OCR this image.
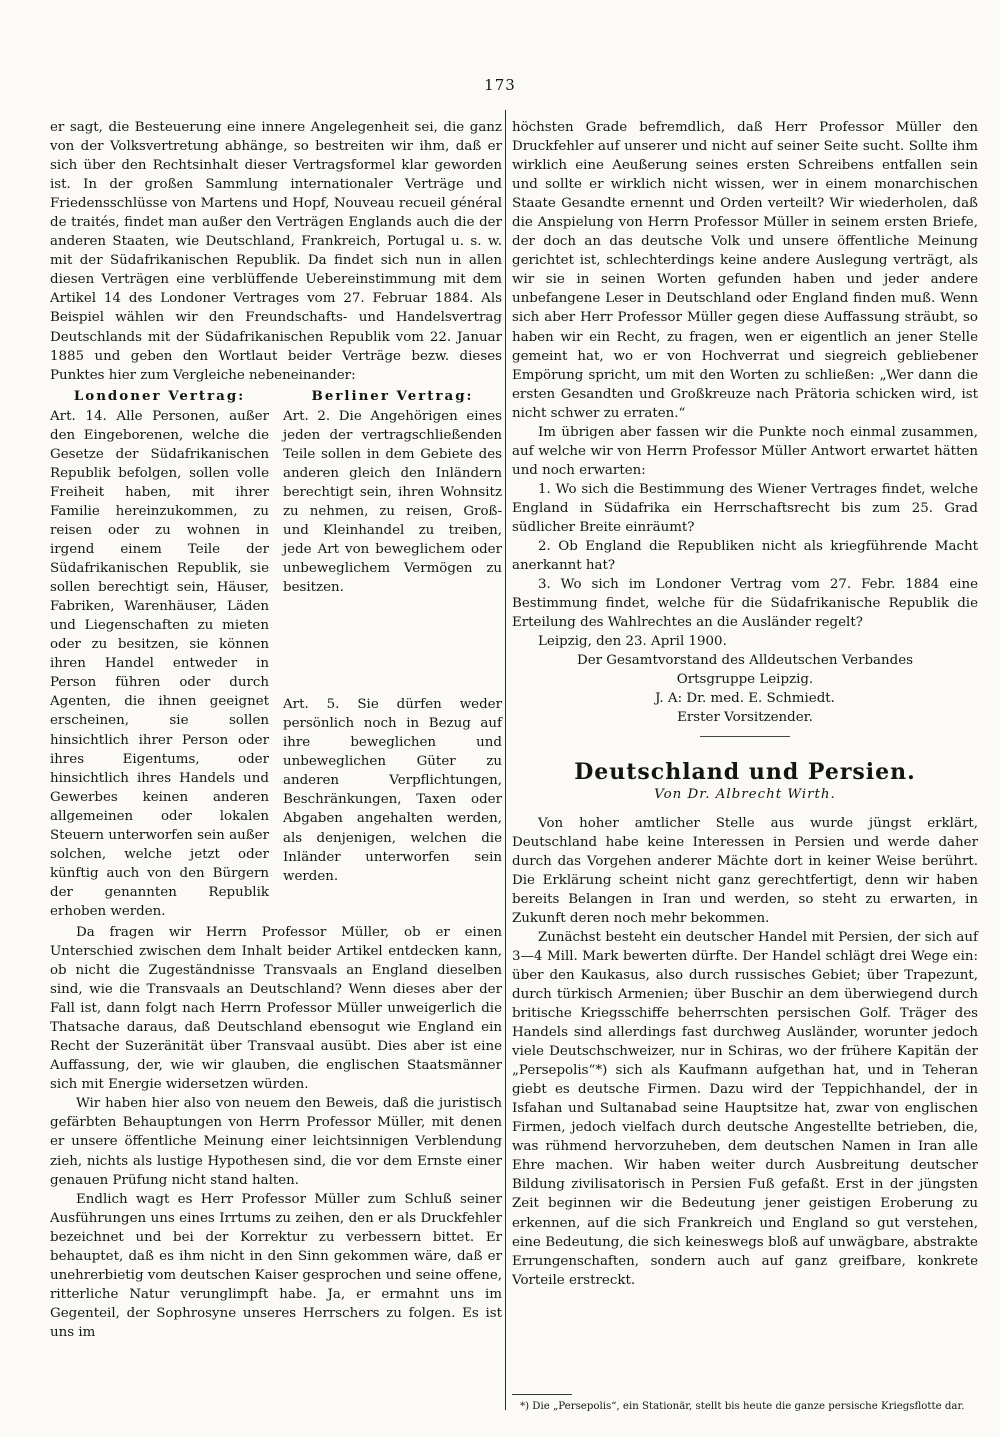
173

er sagt, die Besteuerung eine innere Angelegenheit sei, die ganz von der Volksvertretung abhänge, so bestreiten wir ihm, daß er sich über den Rechtsinhalt dieser Vertragsformel klar geworden ist. In der großen Sammlung internationaler Verträge und Friedensschlüsse von Martens und Hopf, Nouveau recueil général de traités, findet man außer den Verträgen Englands auch die der anderen Staaten, wie Deutschland, Frankreich, Portugal u. s. w. mit der Südafrikanischen Republik. Da findet sich nun in allen diesen Verträgen eine verblüffende Uebereinstimmung mit dem Artikel 14 des Londoner Vertrages vom 27. Februar 1884. Als Beispiel wählen wir den Freundschafts- und Handelsvertrag Deutschlands mit der Südafrikanischen Republik vom 22. Januar 1885 und geben den Wortlaut beider Verträge bezw. dieses Punktes hier zum Vergleiche nebeneinander:

Londoner Vertrag:
Art. 14. Alle Personen, außer den Eingeborenen, welche die Gesetze der Südafrikanischen Republik befolgen, sollen volle Freiheit haben, mit ihrer Familie hereinzukommen, zu reisen oder zu wohnen in irgend einem Teile der Südafrikanischen Republik, sie sollen berechtigt sein, Häuser, Fabriken, Warenhäuser, Läden und Liegenschaften zu mieten oder zu besitzen, sie können ihren Handel entweder in Person führen oder durch Agenten, die ihnen geeignet erscheinen, sie sollen hinsichtlich ihrer Person oder ihres Eigentums, oder hinsichtlich ihres Handels und Gewerbes keinen anderen allgemeinen oder lokalen Steuern unterworfen sein außer solchen, welche jetzt oder künftig auch von den Bürgern der genannten Republik erhoben werden.
Berliner Vertrag:
Art. 2. Die Angehörigen eines jeden der vertragschließenden Teile sollen in dem Gebiete des anderen gleich den Inländern berechtigt sein, ihren Wohnsitz zu nehmen, zu reisen, Groß- und Kleinhandel zu treiben, jede Art von beweglichem oder unbeweglichem Vermögen zu besitzen.
Art. 5. Sie dürfen weder persönlich noch in Bezug auf ihre beweglichen und unbeweglichen Güter zu anderen Verpflichtungen, Beschränkungen, Taxen oder Abgaben angehalten werden, als denjenigen, welchen die Inländer unterworfen sein werden.

Da fragen wir Herrn Professor Müller, ob er einen Unterschied zwischen dem Inhalt beider Artikel entdecken kann, ob nicht die Zugeständnisse Transvaals an England dieselben sind, wie die Transvaals an Deutschland? Wenn dieses aber der Fall ist, dann folgt nach Herrn Professor Müller unweigerlich die Thatsache daraus, daß Deutschland ebensogut wie England ein Recht der Suzeränität über Transvaal ausübt. Dies aber ist eine Auffassung, der, wie wir glauben, die englischen Staatsmänner sich mit Energie widersetzen würden.

Wir haben hier also von neuem den Beweis, daß die juristisch gefärbten Behauptungen von Herrn Professor Müller, mit denen er unsere öffentliche Meinung einer leichtsinnigen Verblendung zieh, nichts als lustige Hypothesen sind, die vor dem Ernste einer genauen Prüfung nicht stand halten.

Endlich wagt es Herr Professor Müller zum Schluß seiner Ausführungen uns eines Irrtums zu zeihen, den er als Druckfehler bezeichnet und bei der Korrektur zu verbessern bittet. Er behauptet, daß es ihm nicht in den Sinn gekommen wäre, daß er unehrerbietig vom deutschen Kaiser gesprochen und seine offene, ritterliche Natur verunglimpft habe. Ja, er ermahnt uns im Gegenteil, der Sophrosyne unseres Herrschers zu folgen. Es ist uns im

höchsten Grade befremdlich, daß Herr Professor Müller den Druckfehler auf unserer und nicht auf seiner Seite sucht. Sollte ihm wirklich eine Aeußerung seines ersten Schreibens entfallen sein und sollte er wirklich nicht wissen, wer in einem monarchischen Staate Gesandte ernennt und Orden verteilt? Wir wiederholen, daß die Anspielung von Herrn Professor Müller in seinem ersten Briefe, der doch an das deutsche Volk und unsere öffentliche Meinung gerichtet ist, schlechterdings keine andere Auslegung verträgt, als wir sie in seinen Worten gefunden haben und jeder andere unbefangene Leser in Deutschland oder England finden muß. Wenn sich aber Herr Professor Müller gegen diese Auffassung sträubt, so haben wir ein Recht, zu fragen, wen er eigentlich an jener Stelle gemeint hat, wo er von Hochverrat und siegreich gebliebener Empörung spricht, um mit den Worten zu schließen: „Wer dann die ersten Gesandten und Großkreuze nach Prätoria schicken wird, ist nicht schwer zu erraten.“

Im übrigen aber fassen wir die Punkte noch einmal zusammen, auf welche wir von Herrn Professor Müller Antwort erwartet hätten und noch erwarten:

1. Wo sich die Bestimmung des Wiener Vertrages findet, welche England in Südafrika ein Herrschaftsrecht bis zum 25. Grad südlicher Breite einräumt?

2. Ob England die Republiken nicht als kriegführende Macht anerkannt hat?

3. Wo sich im Londoner Vertrag vom 27. Febr. 1884 eine Bestimmung findet, welche für die Südafrikanische Republik die Erteilung des Wahlrechtes an die Ausländer regelt?

Leipzig, den 23. April 1900.

Der Gesamtvorstand des Alldeutschen Verbandes

Ortsgruppe Leipzig.

J. A: Dr. med. E. Schmiedt.

Erster Vorsitzender.

Deutschland und Persien.
Von Dr. Albrecht Wirth.

Von hoher amtlicher Stelle aus wurde jüngst erklärt, Deutschland habe keine Interessen in Persien und werde daher durch das Vorgehen anderer Mächte dort in keiner Weise berührt. Die Erklärung scheint nicht ganz gerechtfertigt, denn wir haben bereits Belangen in Iran und werden, so steht zu erwarten, in Zukunft deren noch mehr bekommen.

Zunächst besteht ein deutscher Handel mit Persien, der sich auf 3—4 Mill. Mark bewerten dürfte. Der Handel schlägt drei Wege ein: über den Kaukasus, also durch russisches Gebiet; über Trapezunt, durch türkisch Armenien; über Buschir an dem überwiegend durch britische Kriegsschiffe beherrschten persischen Golf. Träger des Handels sind allerdings fast durchweg Ausländer, worunter jedoch viele Deutschschweizer, nur in Schiras, wo der frühere Kapitän der „Persepolis“*) sich als Kaufmann aufgethan hat, und in Teheran giebt es deutsche Firmen. Dazu wird der Teppichhandel, der in Isfahan und Sultanabad seine Hauptsitze hat, zwar von englischen Firmen, jedoch vielfach durch deutsche Angestellte betrieben, die, was rühmend hervorzuheben, dem deutschen Namen in Iran alle Ehre machen. Wir haben weiter durch Ausbreitung deutscher Bildung zivilisatorisch in Persien Fuß gefaßt. Erst in der jüngsten Zeit beginnen wir die Bedeutung jener geistigen Eroberung zu erkennen, auf die sich Frankreich und England so gut verstehen, eine Bedeutung, die sich keineswegs bloß auf unwägbare, abstrakte Errungenschaften, sondern auch auf ganz greifbare, konkrete Vorteile erstreckt.

*) Die „Persepolis“, ein Stationär, stellt bis heute die ganze persische Kriegsflotte dar.
